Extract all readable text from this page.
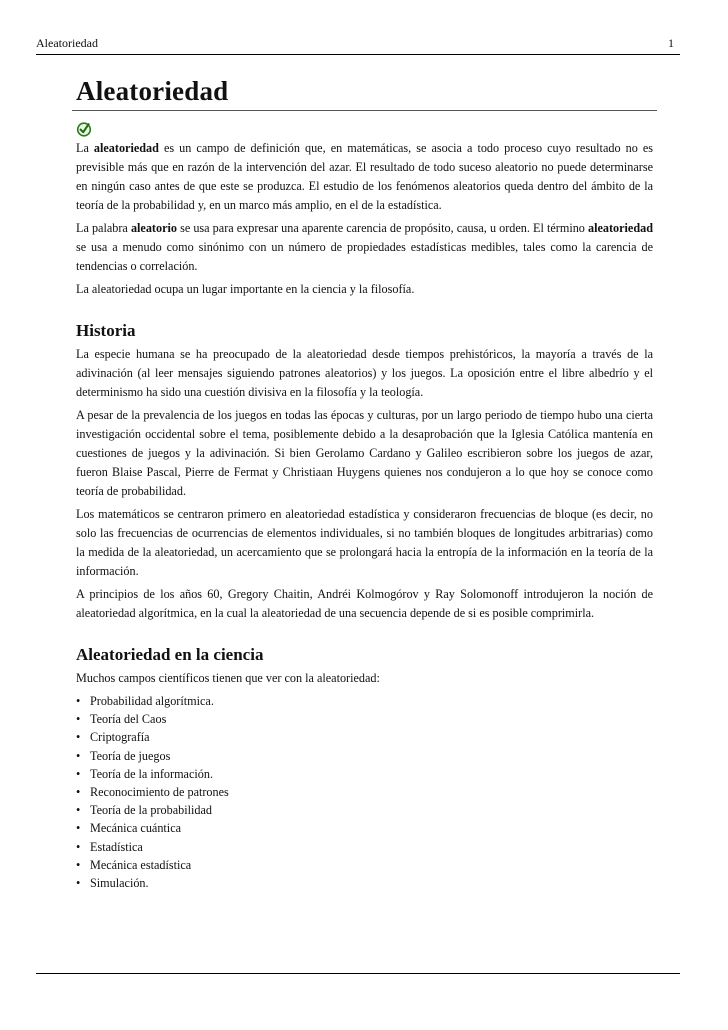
Aleatoriedad	1
Aleatoriedad

La aleatoriedad es un campo de definición que, en matemáticas, se asocia a todo proceso cuyo resultado no es previsible más que en razón de la intervención del azar. El resultado de todo suceso aleatorio no puede determinarse en ningún caso antes de que este se produzca. El estudio de los fenómenos aleatorios queda dentro del ámbito de la teoría de la probabilidad y, en un marco más amplio, en el de la estadística.

La palabra aleatorio se usa para expresar una aparente carencia de propósito, causa, u orden. El término aleatoriedad se usa a menudo como sinónimo con un número de propiedades estadísticas medibles, tales como la carencia de tendencias o correlación.

La aleatoriedad ocupa un lugar importante en la ciencia y la filosofía.

Historia

La especie humana se ha preocupado de la aleatoriedad desde tiempos prehistóricos, la mayoría a través de la adivinación (al leer mensajes siguiendo patrones aleatorios) y los juegos. La oposición entre el libre albedrío y el determinismo ha sido una cuestión divisiva en la filosofía y la teología.

A pesar de la prevalencia de los juegos en todas las épocas y culturas, por un largo periodo de tiempo hubo una cierta investigación occidental sobre el tema, posiblemente debido a la desaprobación que la Iglesia Católica mantenía en cuestiones de juegos y la adivinación. Si bien Gerolamo Cardano y Galileo escribieron sobre los juegos de azar, fueron Blaise Pascal, Pierre de Fermat y Christiaan Huygens quienes nos condujeron a lo que hoy se conoce como teoría de probabilidad.

Los matemáticos se centraron primero en aleatoriedad estadística y consideraron frecuencias de bloque (es decir, no solo las frecuencias de ocurrencias de elementos individuales, si no también bloques de longitudes arbitrarias) como la medida de la aleatoriedad, un acercamiento que se prolongará hacia la entropía de la información en la teoría de la información.

A principios de los años 60, Gregory Chaitin, Andréi Kolmogórov y Ray Solomonoff introdujeron la noción de aleatoriedad algorítmica, en la cual la aleatoriedad de una secuencia depende de si es posible comprimirla.

Aleatoriedad en la ciencia

Muchos campos científicos tienen que ver con la aleatoriedad:

• Probabilidad algorítmica.
• Teoría del Caos
• Criptografía
• Teoría de juegos
• Teoría de la información.
• Reconocimiento de patrones
• Teoría de la probabilidad
• Mecánica cuántica
• Estadística
• Mecánica estadística
• Simulación.
